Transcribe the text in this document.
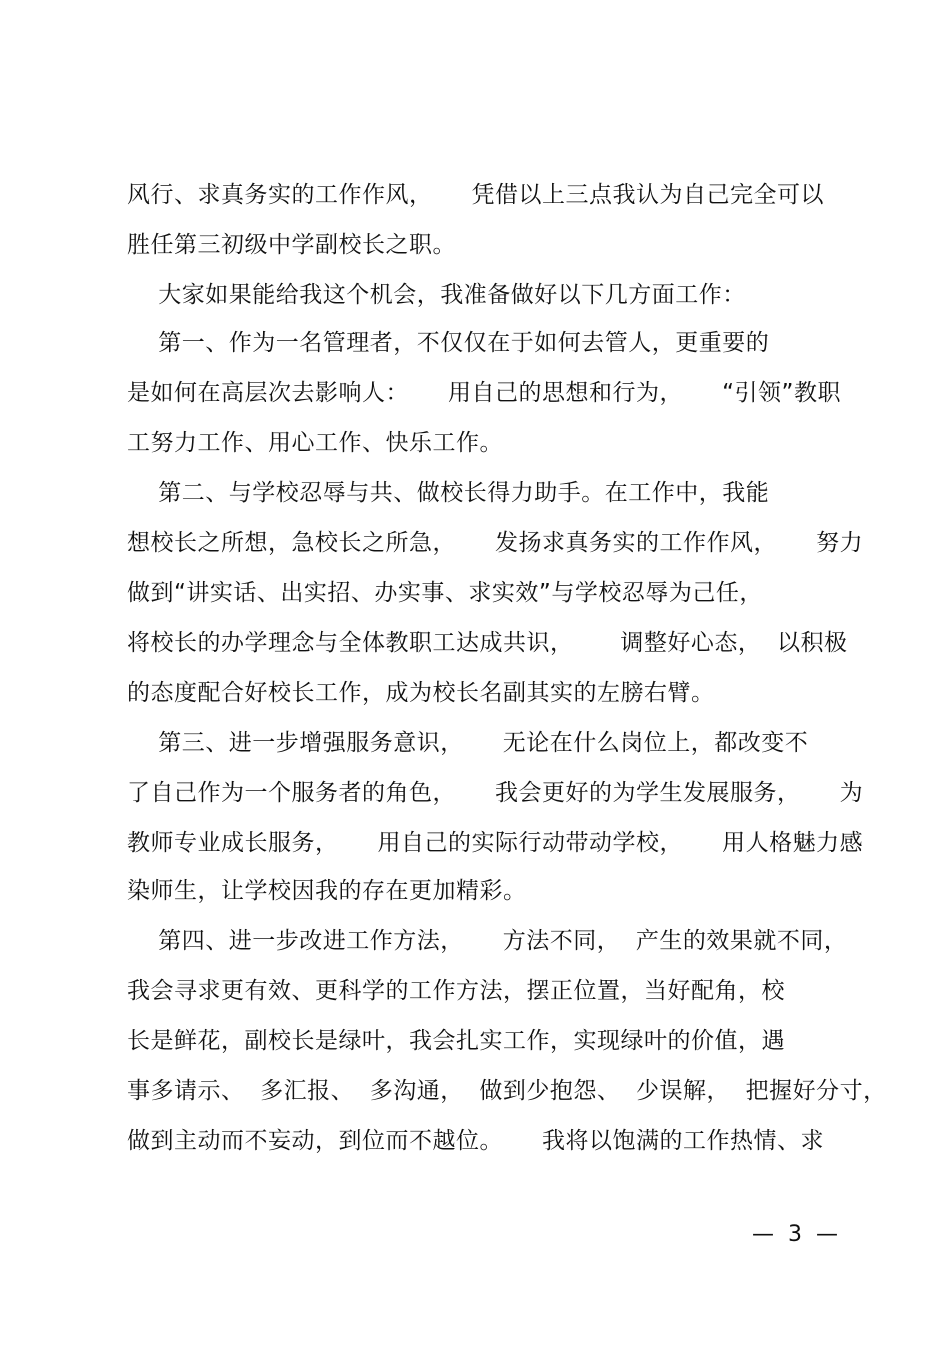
风行、求真务实的工作作风，     凭借以上三点我认为自己完全可以
胜任第三初级中学副校长之职。
大家如果能给我这个机会，我准备做好以下几方面工作：
第一、作为一名管理者，不仅仅在于如何去管人，更重要的
是如何在高层次去影响人：     用自己的思想和行为，     “引领”教职
工努力工作、用心工作、快乐工作。
第二、与学校忍辱与共、做校长得力助手。在工作中，我能
想校长之所想，急校长之所急，     发扬求真务实的工作作风，     努力
做到“讲实话、出实招、办实事、求实效”与学校忍辱为己任，
将校长的办学理念与全体教职工达成共识，      调整好心态，  以积极
的态度配合好校长工作，成为校长名副其实的左膀右臂。
第三、进一步增强服务意识，     无论在什么岗位上，都改变不
了自己作为一个服务者的角色，     我会更好的为学生发展服务，     为
教师专业成长服务，     用自己的实际行动带动学校，     用人格魅力感
染师生，让学校因我的存在更加精彩。
第四、进一步改进工作方法，     方法不同，  产生的效果就不同，
我会寻求更有效、更科学的工作方法，摆正位置，当好配角，校
长是鲜花，副校长是绿叶，我会扎实工作，实现绿叶的价值，遇
事多请示、  多汇报、  多沟通，  做到少抱怨、  少误解，  把握好分寸，
做到主动而不妄动，到位而不越位。     我将以饱满的工作热情、求
—  3  —
